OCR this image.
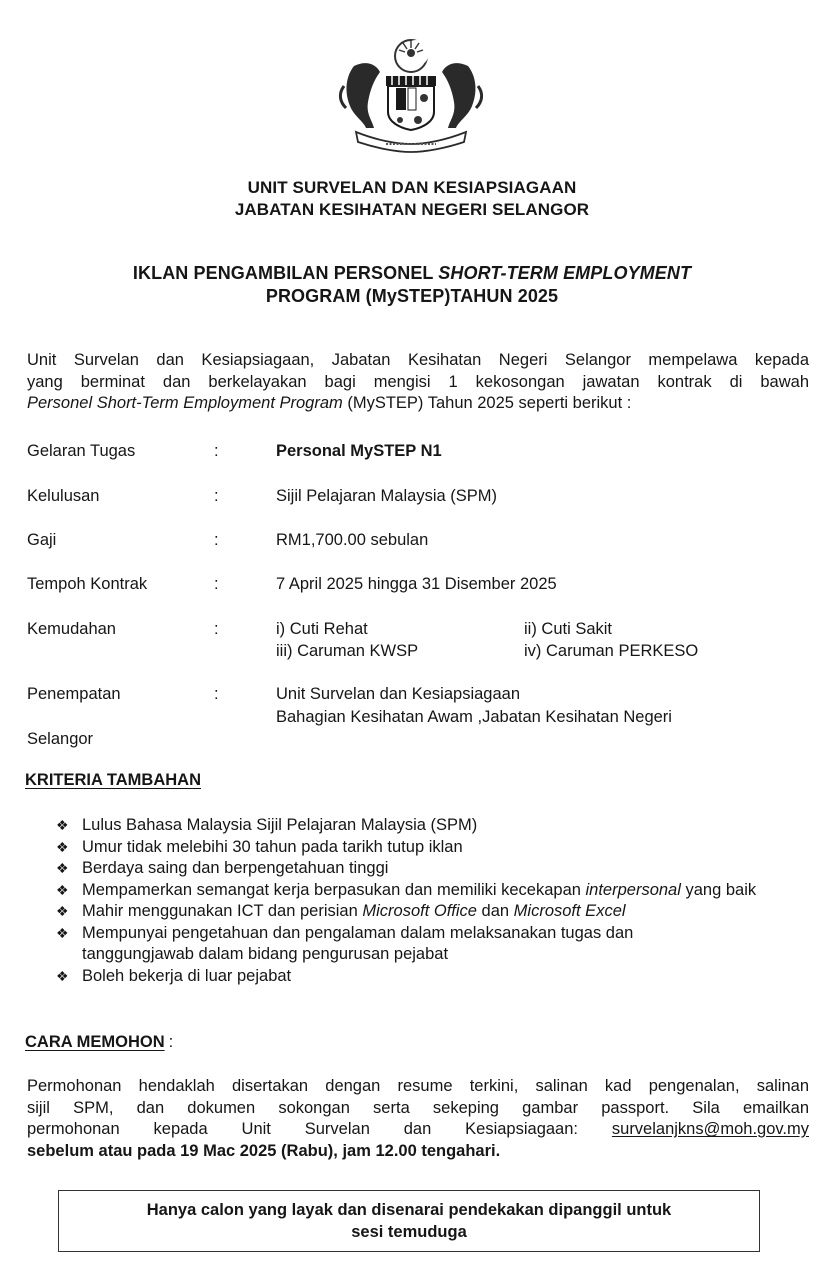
UNIT SURVELAN DAN KESIAPSIAGAAN
JABATAN KESIHATAN NEGERI SELANGOR
IKLAN PENGAMBILAN PERSONEL SHORT-TERM EMPLOYMENT
PROGRAM (MySTEP)TAHUN 2025

Unit Survelan dan Kesiapsiagaan, Jabatan Kesihatan Negeri Selangor mempelawa kepada

yang berminat dan berkelayakan bagi mengisi 1 kekosongan jawatan kontrak di bawah

Personel Short-Term Employment Program (MySTEP) Tahun 2025 seperti berikut :

Gelaran Tugas	:	Personal MySTEP N1
Kelulusan	:	Sijil Pelajaran Malaysia (SPM)
Gaji	:	RM1,700.00 sebulan
Tempoh Kontrak	:	7 April 2025 hingga 31 Disember 2025
Kemudahan	:	i) Cuti Rehat	ii) Cuti Sakit
iii) Caruman KWSP	iv) Caruman PERKESO
Penempatan	:	Unit Survelan dan Kesiapsiagaan
Bahagian Kesihatan Awam ,Jabatan Kesihatan Negeri
Selangor
KRITERIA TAMBAHAN
❖ Lulus Bahasa Malaysia Sijil Pelajaran Malaysia (SPM)
❖ Umur tidak melebihi 30 tahun pada tarikh tutup iklan
❖ Berdaya saing dan berpengetahuan tinggi
❖ Mempamerkan semangat kerja berpasukan dan memiliki kecekapan interpersonal yang baik
❖ Mahir menggunakan ICT dan perisian Microsoft Office dan Microsoft Excel
❖ Mempunyai pengetahuan dan pengalaman dalam melaksanakan tugas dan tanggungjawab dalam bidang pengurusan pejabat
❖ Boleh bekerja di luar pejabat
CARA MEMOHON :
Permohonan hendaklah disertakan dengan resume terkini, salinan kad pengenalan, salinan
sijil SPM, dan dokumen sokongan serta sekeping gambar passport. Sila emailkan
permohonan kepada Unit Survelan dan Kesiapsiagaan: survelanjkns@moh.gov.my
sebelum atau pada 19 Mac 2025 (Rabu), jam 12.00 tengahari.
Hanya calon yang layak dan disenarai pendekakan dipanggil untuk
sesi temuduga
